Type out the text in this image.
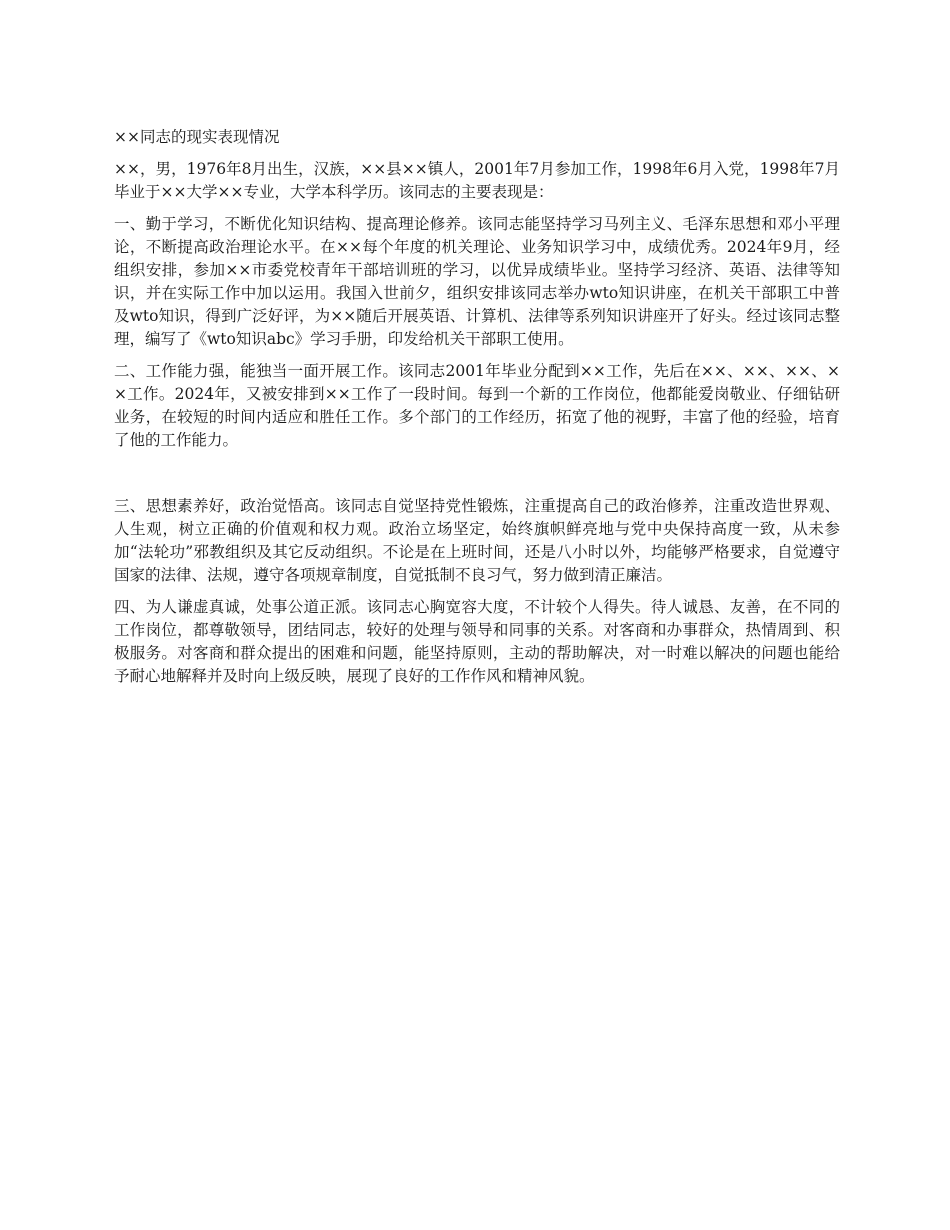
××同志的现实表现情况

××，男，1976年8月出生，汉族，××县××镇人，2001年7月参加工作，1998年6月入党，1998年7月毕业于××大学××专业，大学本科学历。该同志的主要表现是：

一、勤于学习，不断优化知识结构、提高理论修养。该同志能坚持学习马列主义、毛泽东思想和邓小平理论，不断提高政治理论水平。在××每个年度的机关理论、业务知识学习中，成绩优秀。2024年9月，经组织安排，参加××市委党校青年干部培训班的学习，以优异成绩毕业。坚持学习经济、英语、法律等知识，并在实际工作中加以运用。我国入世前夕，组织安排该同志举办wto知识讲座，在机关干部职工中普及wto知识，得到广泛好评，为××随后开展英语、计算机、法律等系列知识讲座开了好头。经过该同志整理，编写了《wto知识abc》学习手册，印发给机关干部职工使用。

二、工作能力强，能独当一面开展工作。该同志2001年毕业分配到××工作，先后在××、××、××、××工作。2024年，又被安排到××工作了一段时间。每到一个新的工作岗位，他都能爱岗敬业、仔细钻研业务，在较短的时间内适应和胜任工作。多个部门的工作经历，拓宽了他的视野，丰富了他的经验，培育了他的工作能力。

三、思想素养好，政治觉悟高。该同志自觉坚持党性锻炼，注重提高自己的政治修养，注重改造世界观、人生观，树立正确的价值观和权力观。政治立场坚定，始终旗帜鲜亮地与党中央保持高度一致，从未参加“法轮功”邪教组织及其它反动组织。不论是在上班时间，还是八小时以外，均能够严格要求，自觉遵守国家的法律、法规，遵守各项规章制度，自觉抵制不良习气，努力做到清正廉洁。

四、为人谦虚真诚，处事公道正派。该同志心胸宽容大度，不计较个人得失。待人诚恳、友善，在不同的工作岗位，都尊敬领导，团结同志，较好的处理与领导和同事的关系。对客商和办事群众，热情周到、积极服务。对客商和群众提出的困难和问题，能坚持原则，主动的帮助解决，对一时难以解决的问题也能给予耐心地解释并及时向上级反映，展现了良好的工作作风和精神风貌。
